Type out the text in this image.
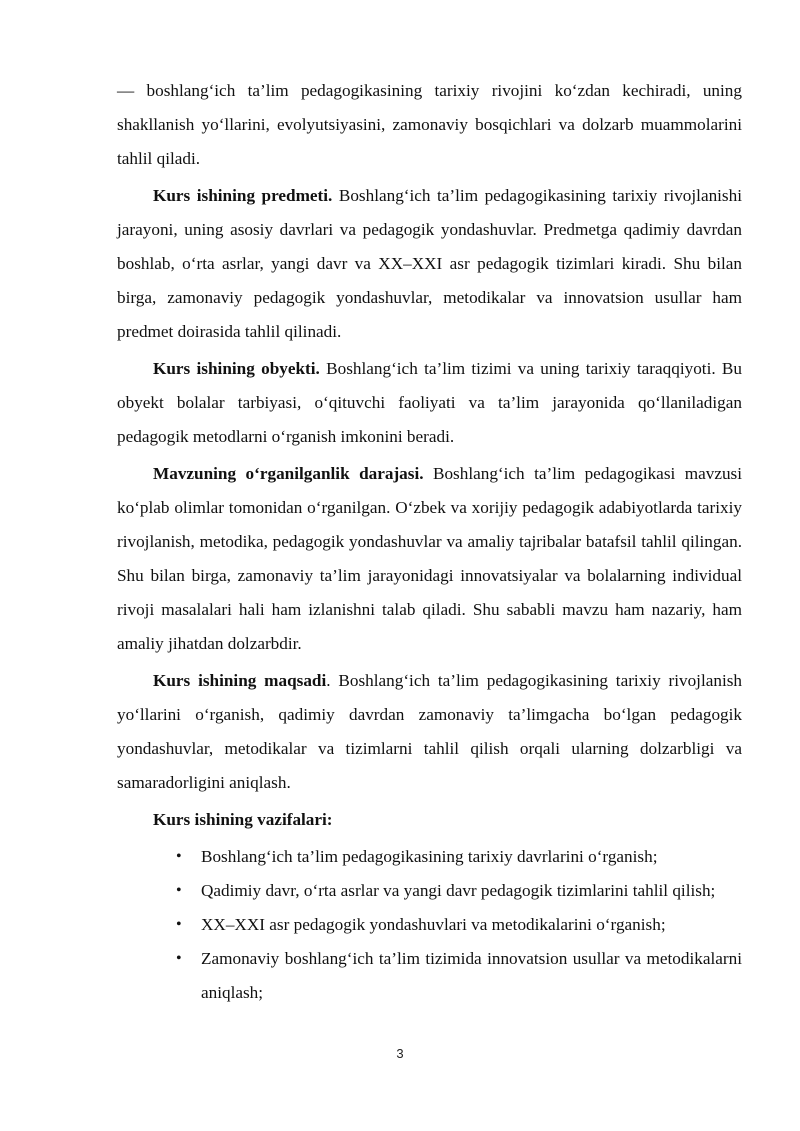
— boshlang‘ich ta’lim pedagogikasining tarixiy rivojini ko‘zdan kechiradi, uning shakllanish yo‘llarini, evolyutsiyasini, zamonaviy bosqichlari va dolzarb muammolarini tahlil qiladi.

Kurs ishining predmeti. Boshlang‘ich ta’lim pedagogikasining tarixiy rivojlanishi jarayoni, uning asosiy davrlari va pedagogik yondashuvlar. Predmetga qadimiy davrdan boshlab, o‘rta asrlar, yangi davr va XX–XXI asr pedagogik tizimlari kiradi. Shu bilan birga, zamonaviy pedagogik yondashuvlar, metodikalar va innovatsion usullar ham predmet doirasida tahlil qilinadi.

Kurs ishining obyekti. Boshlang‘ich ta’lim tizimi va uning tarixiy taraqqiyoti. Bu obyekt bolalar tarbiyasi, o‘qituvchi faoliyati va ta’lim jarayonida qo‘llaniladigan pedagogik metodlarni o‘rganish imkonini beradi.

Mavzuning o‘rganilganlik darajasi. Boshlang‘ich ta’lim pedagogikasi mavzusi ko‘plab olimlar tomonidan o‘rganilgan. O‘zbek va xorijiy pedagogik adabiyotlarda tarixiy rivojlanish, metodika, pedagogik yondashuvlar va amaliy tajribalar batafsil tahlil qilingan. Shu bilan birga, zamonaviy ta’lim jarayonidagi innovatsiyalar va bolalarning individual rivoji masalalari hali ham izlanishni talab qiladi. Shu sababli mavzu ham nazariy, ham amaliy jihatdan dolzarbdir.

Kurs ishining maqsadi. Boshlang‘ich ta’lim pedagogikasining tarixiy rivojlanish yo‘llarini o‘rganish, qadimiy davrdan zamonaviy ta’limgacha bo‘lgan pedagogik yondashuvlar, metodikalar va tizimlarni tahlil qilish orqali ularning dolzarbligi va samaradorligini aniqlash.

Kurs ishining vazifalari:

• Boshlang‘ich ta’lim pedagogikasining tarixiy davrlarini o‘rganish;
• Qadimiy davr, o‘rta asrlar va yangi davr pedagogik tizimlarini tahlil qilish;
• XX–XXI asr pedagogik yondashuvlari va metodikalarini o‘rganish;
• Zamonaviy boshlang‘ich ta’lim tizimida innovatsion usullar va metodikalarni aniqlash;
3
